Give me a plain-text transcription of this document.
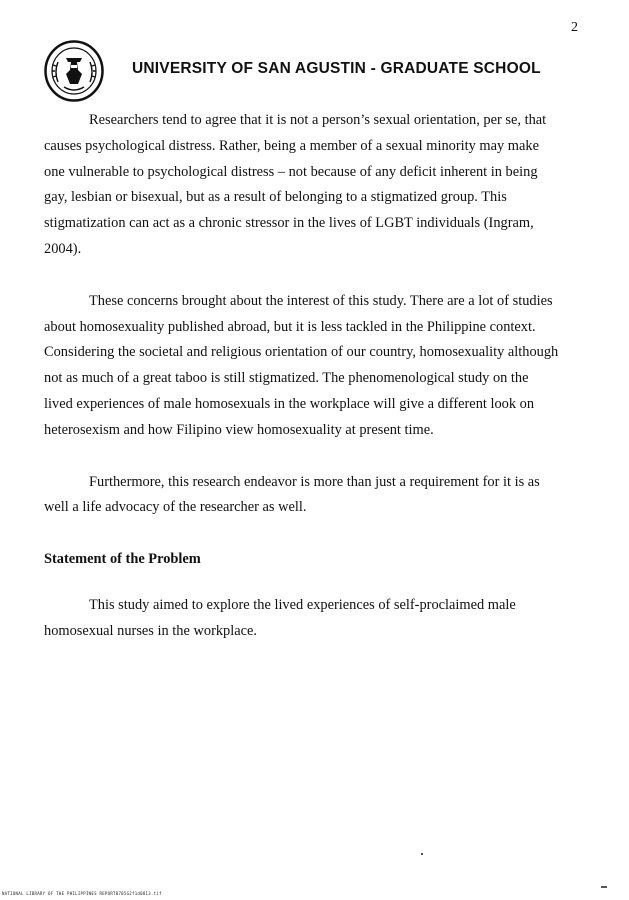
2
UNIVERSITY OF SAN AGUSTIN - GRADUATE SCHOOL
Researchers tend to agree that it is not a person’s sexual orientation, per se, that
causes psychological distress. Rather, being a member of a sexual minority may make
one vulnerable to psychological distress – not because of any deficit inherent in being
gay, lesbian or bisexual, but as a result of belonging to a stigmatized group. This
stigmatization can act as a chronic stressor in the lives of LGBT individuals (Ingram,
2004).
These concerns brought about the interest of this study. There are a lot of studies
about homosexuality published abroad, but it is less tackled in the Philippine context.
Considering the societal and religious orientation of our country, homosexuality although
not as much of a great taboo is still stigmatized. The phenomenological study on the
lived experiences of male homosexuals in the workplace will give a different look on
heterosexism and how Filipino view homosexuality at present time.
Furthermore, this research endeavor is more than just a requirement for it is as
well a life advocacy of the researcher as well.
Statement of the Problem
This study aimed to explore the lived experiences of self-proclaimed male
homosexual nurses in the workplace.
NATIONAL LIBRARY OF THE PHILIPPINES REPORT0705G2f1d0813.tif
